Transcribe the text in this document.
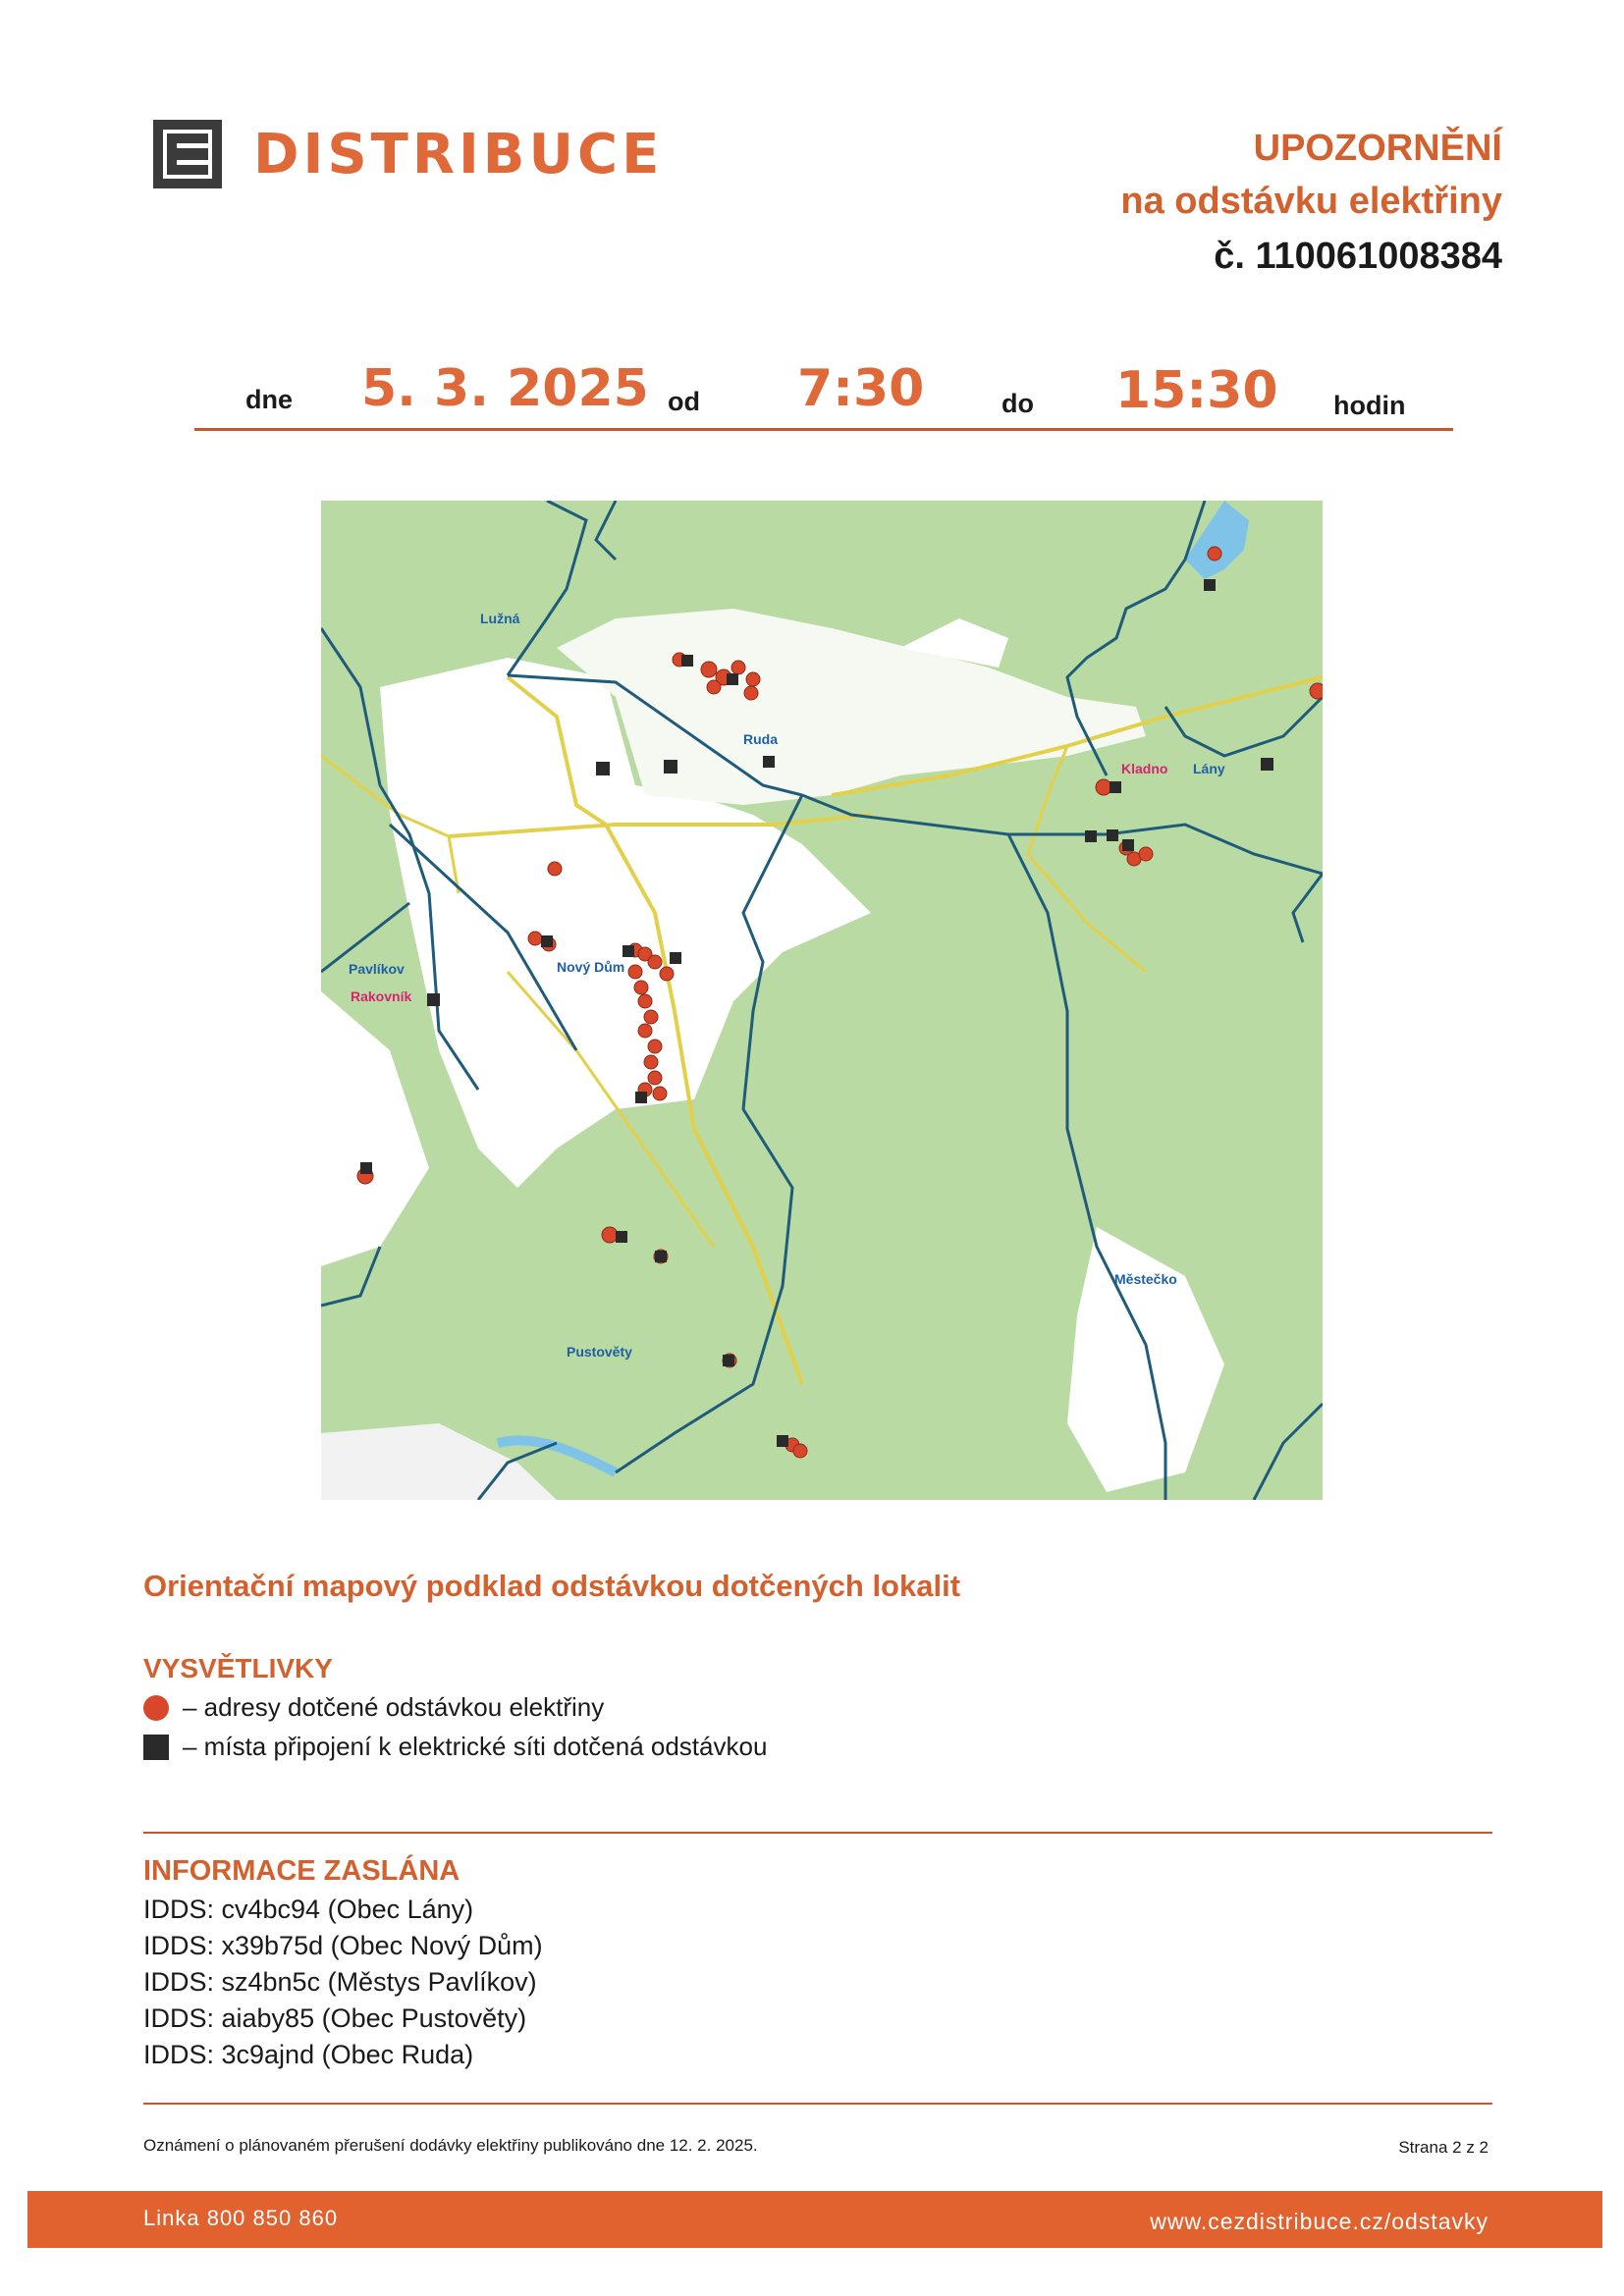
DISTRIBUCE	UPOZORNĚNÍ
na odstávku elektřiny
č. 110061008384
dne 5. 3. 2025 od 7:30	do 15:30 hodin
Lužná
Ruda
Kladno Lány
Pavlíkov
Rakovník
Nový Dům
Městečko
Pustověty
Orientační mapový podklad odstávkou dotčených lokalit
VYSVĚTLIVKY
– adresy dotčené odstávkou elektřiny
– místa připojení k elektrické síti dotčená odstávkou
INFORMACE ZASLÁNA
IDDS: cv4bc94 (Obec Lány)
IDDS: x39b75d (Obec Nový Dům)
IDDS: sz4bn5c (Městys Pavlíkov)
IDDS: aiaby85 (Obec Pustověty)
IDDS: 3c9ajnd (Obec Ruda)
Oznámení o plánovaném přerušení dodávky elektřiny publikováno dne 12. 2. 2025.	Strana 2 z 2
Linka 800 850 860	www.cezdistribuce.cz/odstavky
